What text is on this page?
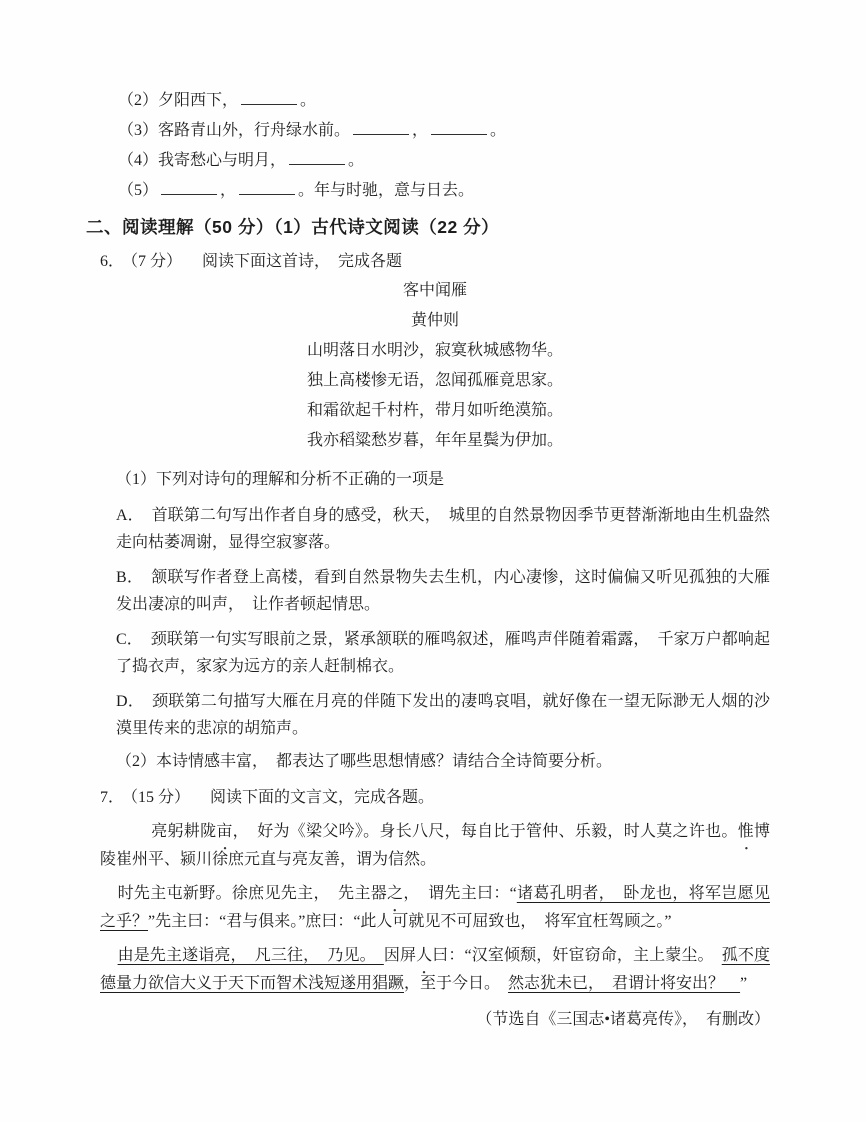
（2）夕阳西下，	。

（3）客路青山外，行舟绿水前。	，	。

（4）我寄愁心与明月，	。

（5）	，	。年与时驰，意与日去。

二、阅读理解（50 分）（1）古代诗文阅读（22 分）

6． （7 分） 阅读下面这首诗，　完成各题

客中闻雁

黄仲则

山明落日水明沙，寂寞秋城感物华。

独上高楼惨无语，忽闻孤雁竟思家。

和霜欲起千村杵，带月如听绝漠笳。

我亦稻粱愁岁暮，年年星鬓为伊加。

（1）下列对诗句的理解和分析不正确的一项是

A． 首联第二句写出作者自身的感受，秋天，　城里的自然景物因季节更替渐渐地由生机盎然走向枯萎凋谢，显得空寂寥落。

B． 颔联写作者登上高楼，看到自然景物失去生机，内心凄惨，这时偏偏又听见孤独的大雁发出凄凉的叫声，　让作者顿起情思。

C． 颈联第一句实写眼前之景，紧承颔联的雁鸣叙述，雁鸣声伴随着霜露，　千家万户都响起了捣衣声，家家为远方的亲人赶制棉衣。

D． 颈联第二句描写大雁在月亮的伴随下发出的凄鸣哀唱，就好像在一望无际渺无人烟的沙漠里传来的悲凉的胡笳声。

（2）本诗情感丰富，　都表达了哪些思想情感？请结合全诗简要分析。

7． （15 分） 阅读下面的文言文，完成各题。

亮躬 ・耕陇亩，　好为《梁父吟》。身长八尺，每自比于管仲、乐毅，时人莫之许 ・也。惟博陵崔州平、颍川徐庶元直与亮友善，谓为信然。

时先主屯新野。徐庶见先主，　先主器 ・之，　谓先主曰：“诸葛孔明者，　卧龙也，将军岂愿见之乎？”先主曰：“君与俱来。”庶曰：“此人可就见不可屈致也，　将军宜枉驾顾之。”

由是先主遂诣亮，　凡三往，　乃见。　因屏 ・人曰：“汉室倾颓，奸宦窃命，主上蒙尘。　孤不度德量力欲信大义于天下而智术浅短遂用猖蹶，至于今日。　然志犹未已，　君谓计将安出？　”

（节选自《三国志•诸葛亮传》，　有删改）
